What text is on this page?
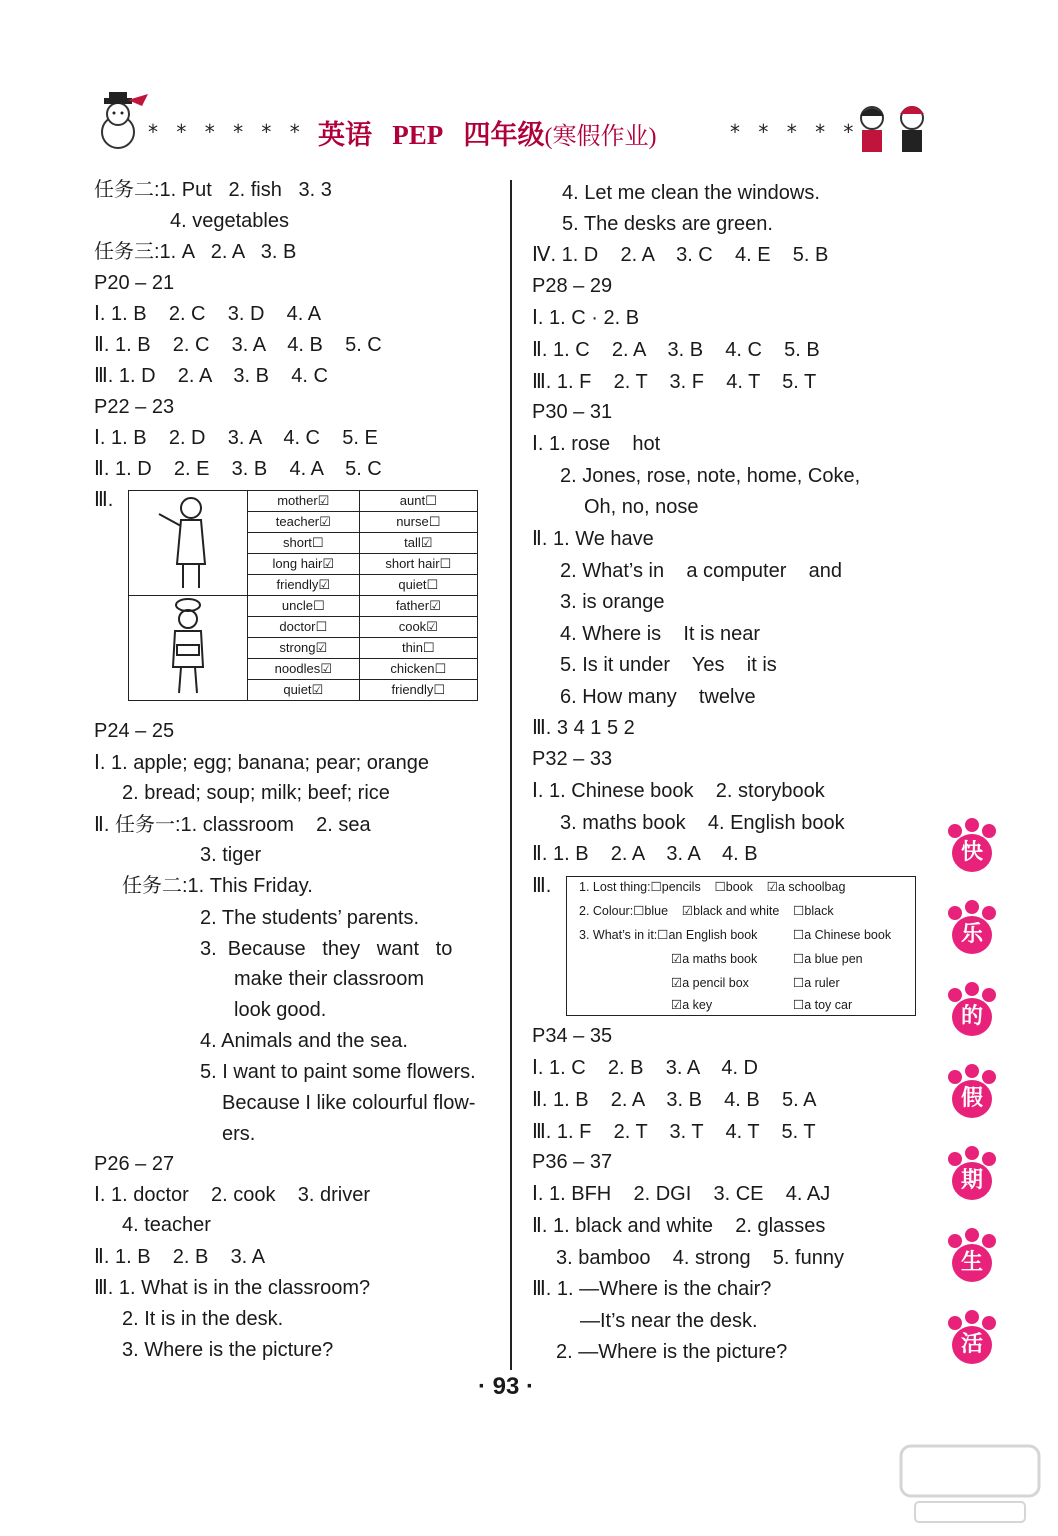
* * * * * * 英语 PEP 四年级(寒假作业)	* * * * *
任务二:1. Put   2. fish   3. 3
4. vegetables
任务三:1. A   2. A   3. B
P20 – 21
Ⅰ. 1. B    2. C    3. D    4. A
Ⅱ. 1. B    2. C    3. A    4. B    5. C
Ⅲ. 1. D    2. A    3. B    4. C
P22 – 23
Ⅰ. 1. B    2. D    3. A    4. C    5. E
Ⅱ. 1. D    2. E    3. B    4. A    5. C
Ⅲ.
		mother☑	aunt☐
	teacher☑	nurse☐
	short☐	tall☑
	long hair☑	short hair☐
	friendly☑	quiet☐
	uncle☐	father☑
	doctor☐	cook☑
	strong☑	thin☐
	noodles☑	chicken☐
	quiet☑	friendly☐
P24 – 25
Ⅰ. 1. apple; egg; banana; pear; orange
2. bread; soup; milk; beef; rice
Ⅱ. 任务一:1. classroom    2. sea
3. tiger
任务二:1. This Friday.
2. The students’ parents.
3.  Because   they   want   to
make their classroom
look good.
4. Animals and the sea.
5. I want to paint some flowers.
Because I like colourful flow-
ers.
P26 – 27
Ⅰ. 1. doctor    2. cook    3. driver
4. teacher
Ⅱ. 1. B    2. B    3. A
Ⅲ. 1. What is in the classroom?
2. It is in the desk.
3. Where is the picture?
4. Let me clean the windows.
5. The desks are green.
Ⅳ. 1. D    2. A    3. C    4. E    5. B
P28 – 29
Ⅰ. 1. C · 2. B
Ⅱ. 1. C    2. A    3. B    4. C    5. B
Ⅲ. 1. F    2. T    3. F    4. T    5. T
P30 – 31
Ⅰ. 1. rose    hot
2. Jones, rose, note, home, Coke,
Oh, no, nose
Ⅱ. 1. We have
2. What’s in    a computer    and
3. is orange
4. Where is    It is near
5. Is it under    Yes    it is
6. How many    twelve
Ⅲ. 3 4 1 5 2
P32 – 33
Ⅰ. 1. Chinese book    2. storybook
3. maths book    4. English book
Ⅱ. 1. B    2. A    3. A    4. B
Ⅲ. 1. Lost thing:☐pencils    ☐book    ☑a schoolbag
2. Colour:☐blue    ☑black and white    ☐black
3. What’s in it:☐an English book	☐a Chinese book
☑a maths book	☐a blue pen
☑a pencil box	☐a ruler
☑a key	☐a toy car
P34 – 35
Ⅰ. 1. C    2. B    3. A    4. D
Ⅱ. 1. B    2. A    3. B    4. B    5. A
Ⅲ. 1. F    2. T    3. T    4. T    5. T
P36 – 37
Ⅰ. 1. BFH    2. DGI    3. CE    4. AJ
Ⅱ. 1. black and white    2. glasses
3. bamboo    4. strong    5. funny
Ⅲ. 1. —Where is the chair?
—It’s near the desk.
2. —Where is the picture?
快
乐
的
假
期
生
活
· 93 ·
